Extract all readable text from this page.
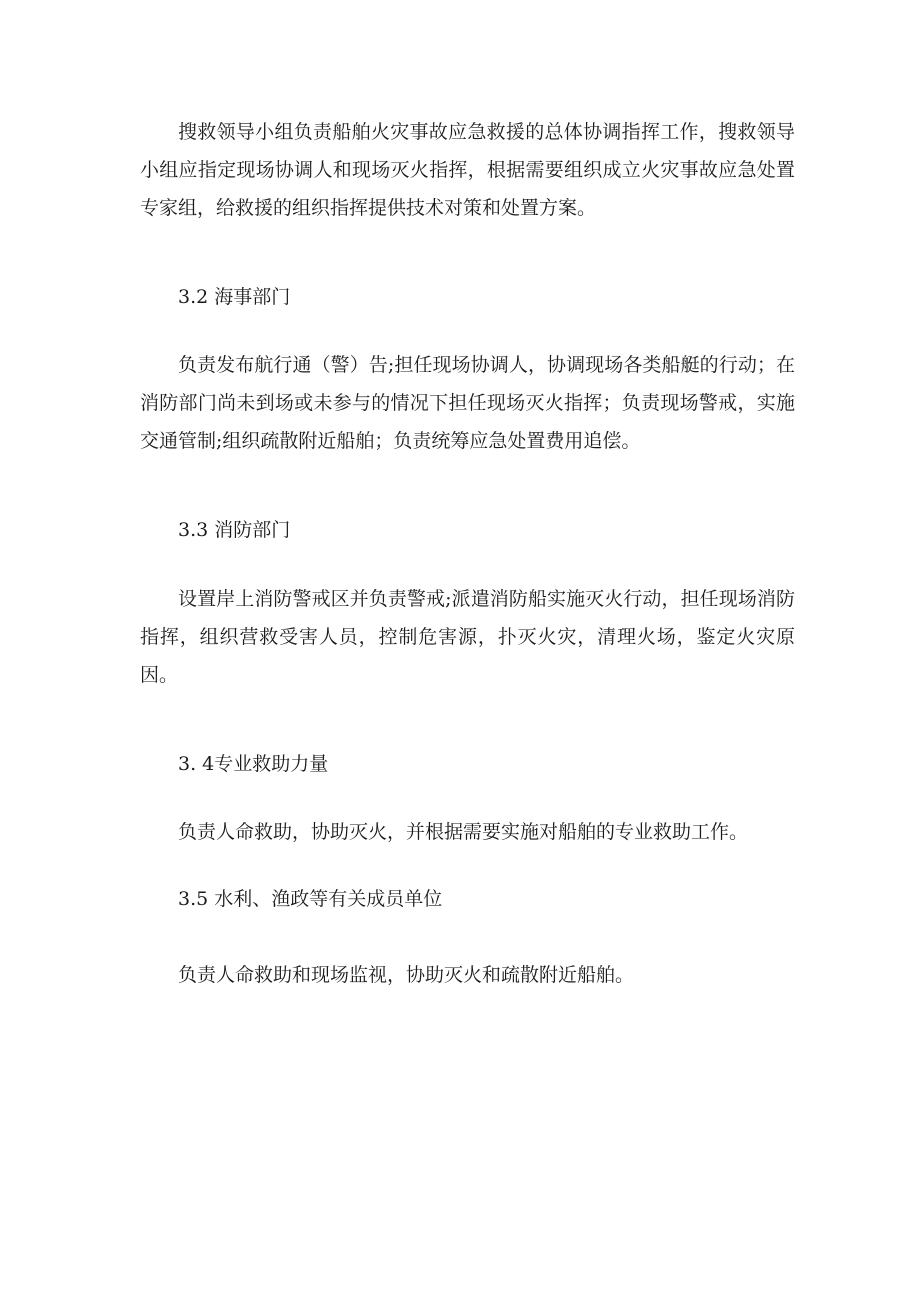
搜救领导小组负责船舶火灾事故应急救援的总体协调指挥工作，搜救领导小组应指定现场协调人和现场灭火指挥，根据需要组织成立火灾事故应急处置专家组，给救援的组织指挥提供技术对策和处置方案。

3.2 海事部门

负责发布航行通（警）告;担任现场协调人，协调现场各类船艇的行动；在消防部门尚未到场或未参与的情况下担任现场灭火指挥；负责现场警戒，实施交通管制;组织疏散附近船舶；负责统筹应急处置费用追偿。

3.3 消防部门

设置岸上消防警戒区并负责警戒;派遣消防船实施灭火行动，担任现场消防指挥，组织营救受害人员，控制危害源，扑灭火灾，清理火场，鉴定火灾原因。

3. 4专业救助力量

负责人命救助，协助灭火，并根据需要实施对船舶的专业救助工作。

3.5 水利、渔政等有关成员单位

负责人命救助和现场监视，协助灭火和疏散附近船舶。
